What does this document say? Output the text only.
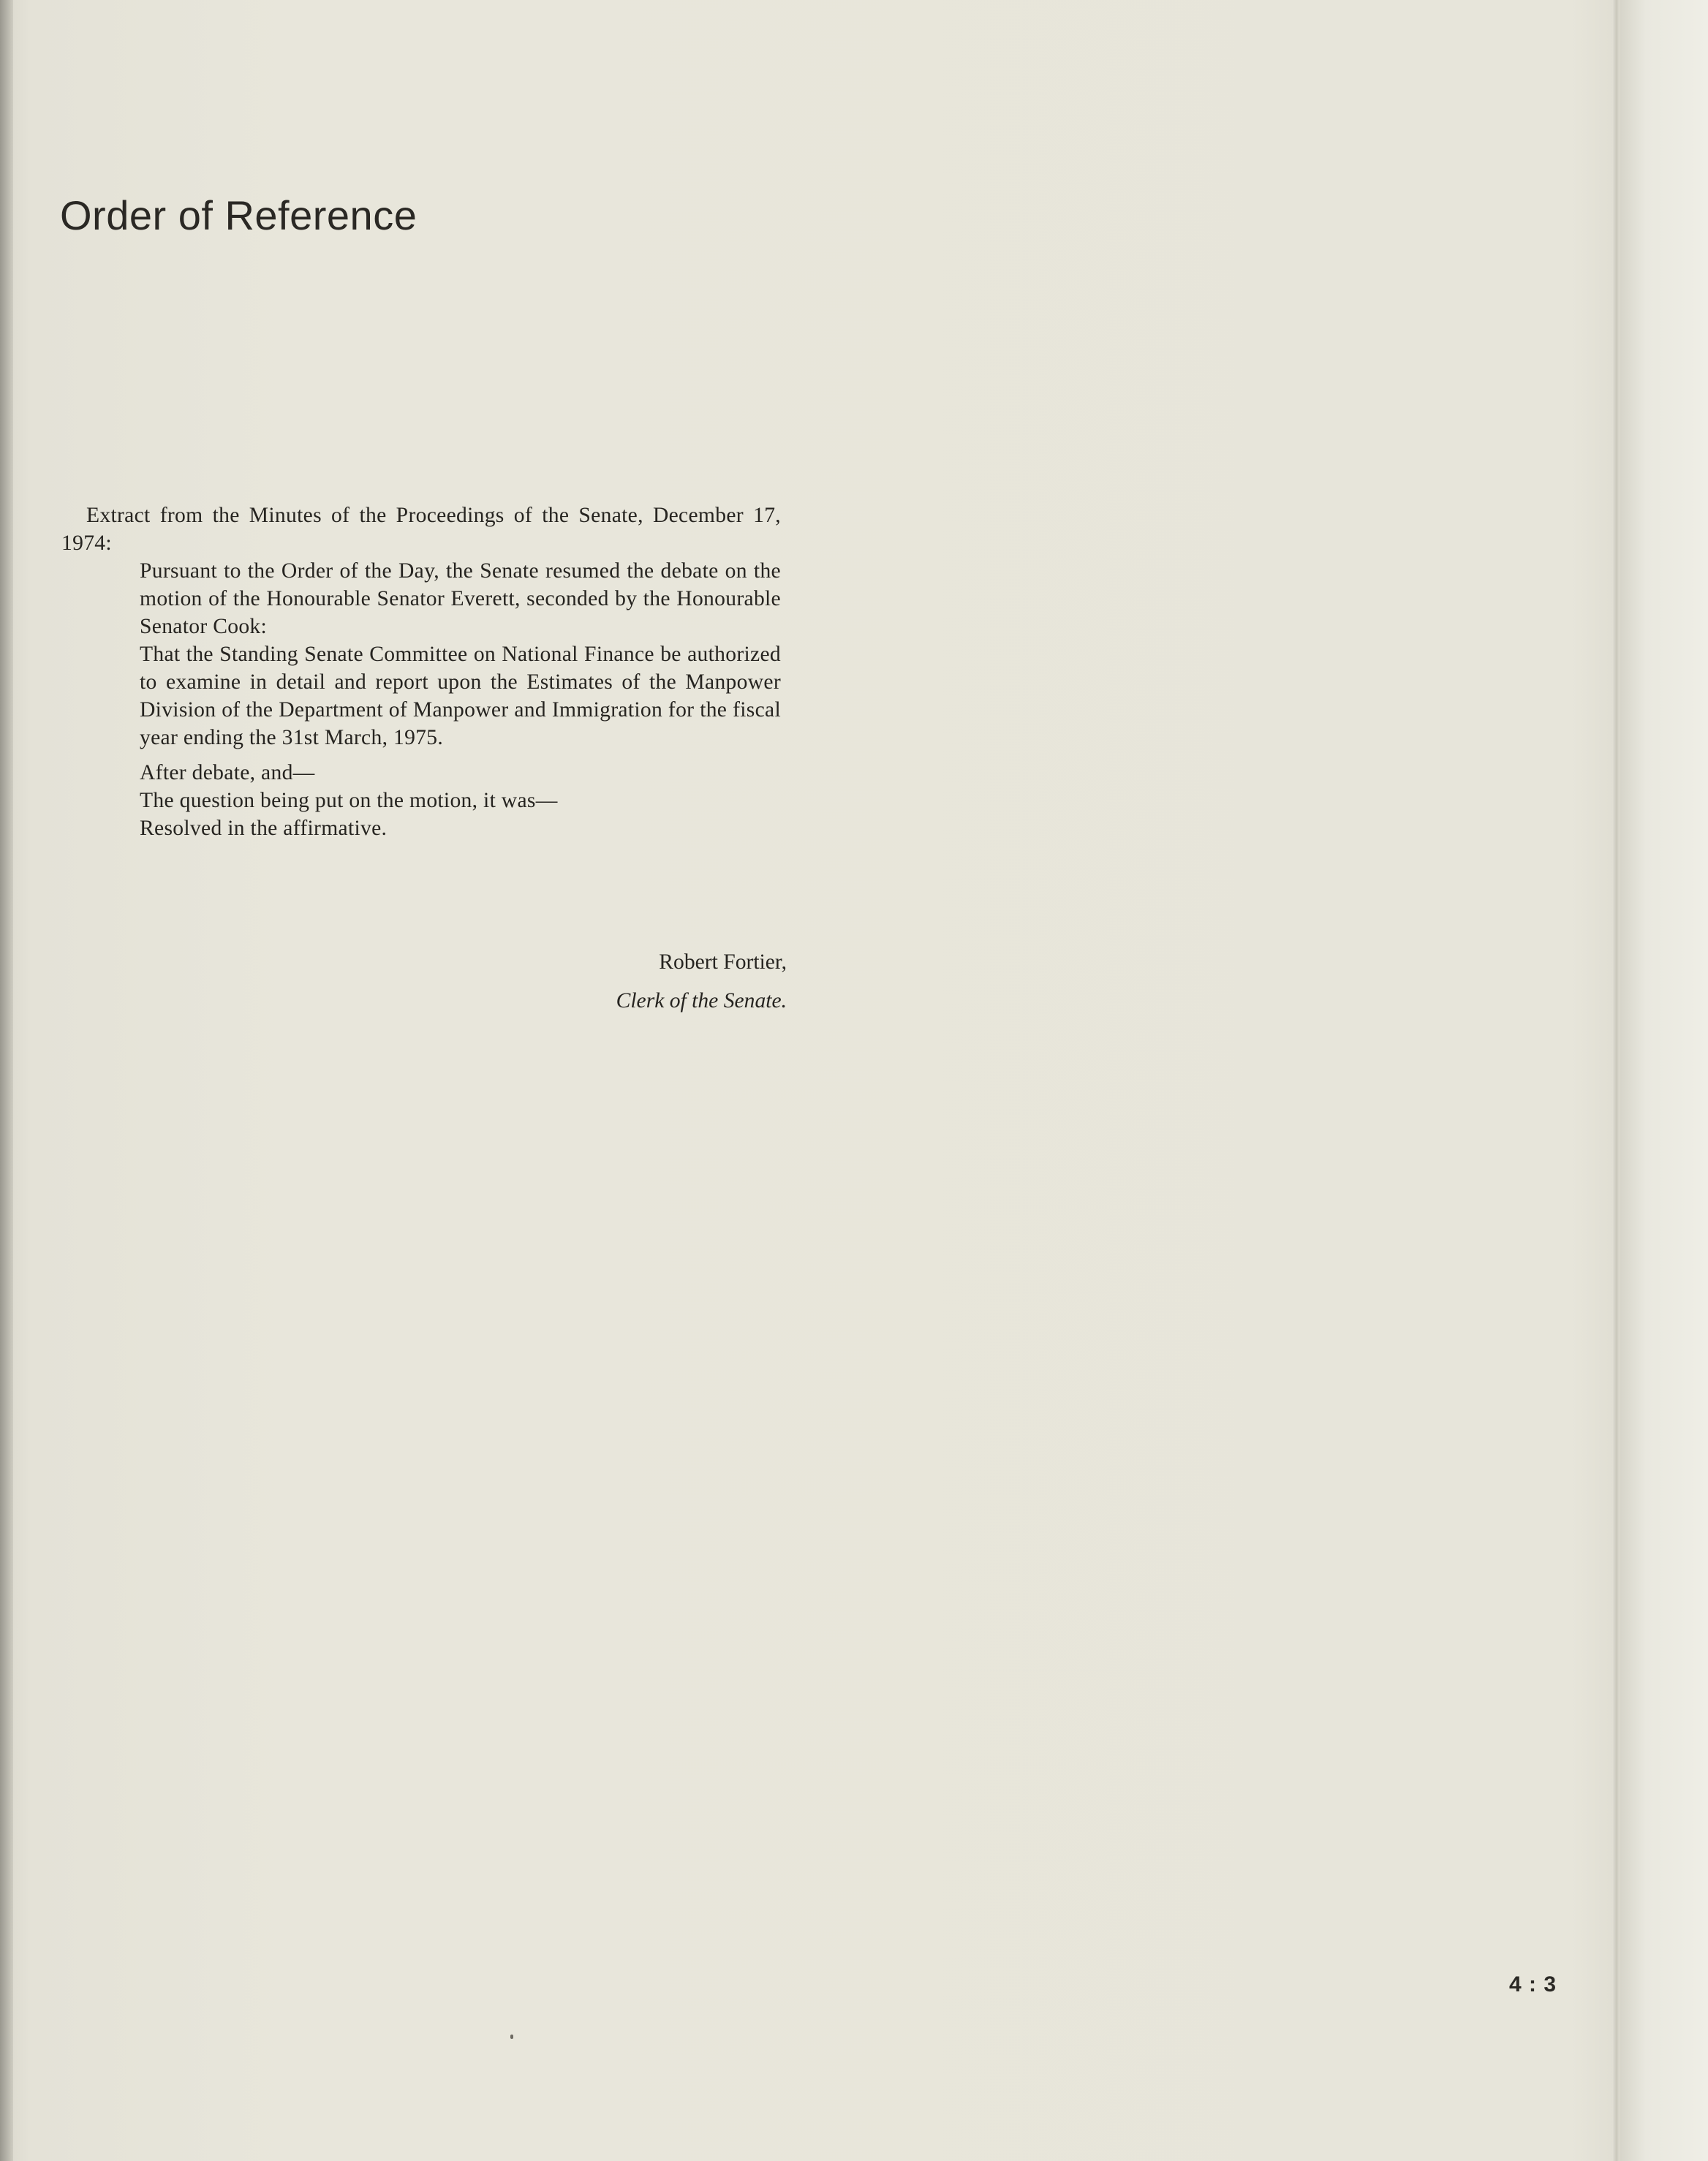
Order of Reference

Extract from the Minutes of the Proceedings of the Senate, December 17, 1974:

Pursuant to the Order of the Day, the Senate resumed the debate on the motion of the Honourable Senator Everett, seconded by the Honourable Senator Cook:

That the Standing Senate Committee on National Finance be authorized to examine in detail and report upon the Estimates of the Manpower Division of the Department of Manpower and Immigration for the fiscal year ending the 31st March, 1975.

After debate, and—

The question being put on the motion, it was—

Resolved in the affirmative.

Robert Fortier,
Clerk of the Senate.
4 : 3
